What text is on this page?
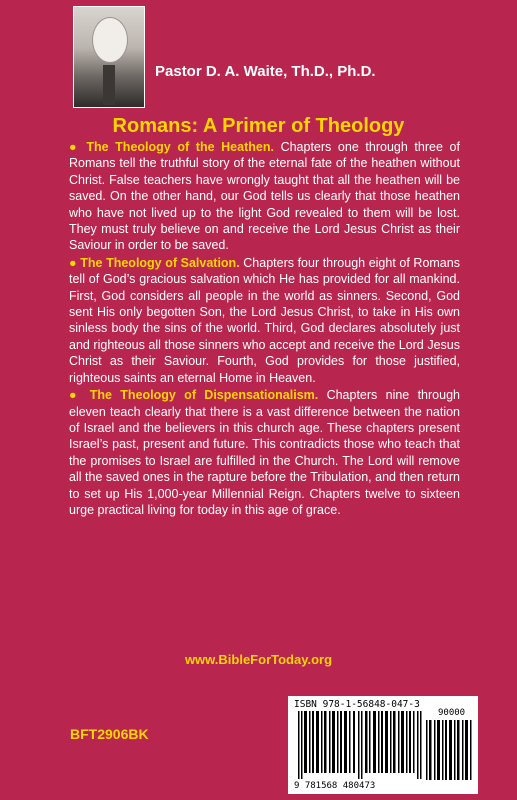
Pastor D. A. Waite, Th.D., Ph.D.
Romans: A Primer of Theology

● The Theology of the Heathen. Chapters one through three of Romans tell the truthful story of the eternal fate of the heathen without Christ. False teachers have wrongly taught that all the heathen will be saved. On the other hand, our God tells us clearly that those heathen who have not lived up to the light God revealed to them will be lost. They must truly believe on and receive the Lord Jesus Christ as their Saviour in order to be saved.

● The Theology of Salvation. Chapters four through eight of Romans tell of God’s gracious salvation which He has provided for all mankind. First, God considers all people in the world as sinners. Second, God sent His only begotten Son, the Lord Jesus Christ, to take in His own sinless body the sins of the world. Third, God declares absolutely just and righteous all those sinners who accept and receive the Lord Jesus Christ as their Saviour. Fourth, God provides for those justified, righteous saints an eternal Home in Heaven.

● The Theology of Dispensationalism. Chapters nine through eleven teach clearly that there is a vast difference between the nation of Israel and the believers in this church age. These chapters present Israel’s past, present and future. This contradicts those who teach that the promises to Israel are fulfilled in the Church. The Lord will remove all the saved ones in the rapture before the Tribulation, and then return to set up His 1,000-year Millennial Reign. Chapters twelve to sixteen urge practical living for today in this age of grace.

www.BibleForToday.org
BFT2906BK
ISBN 978-1-56848-047-3
90000
9 781568 480473
